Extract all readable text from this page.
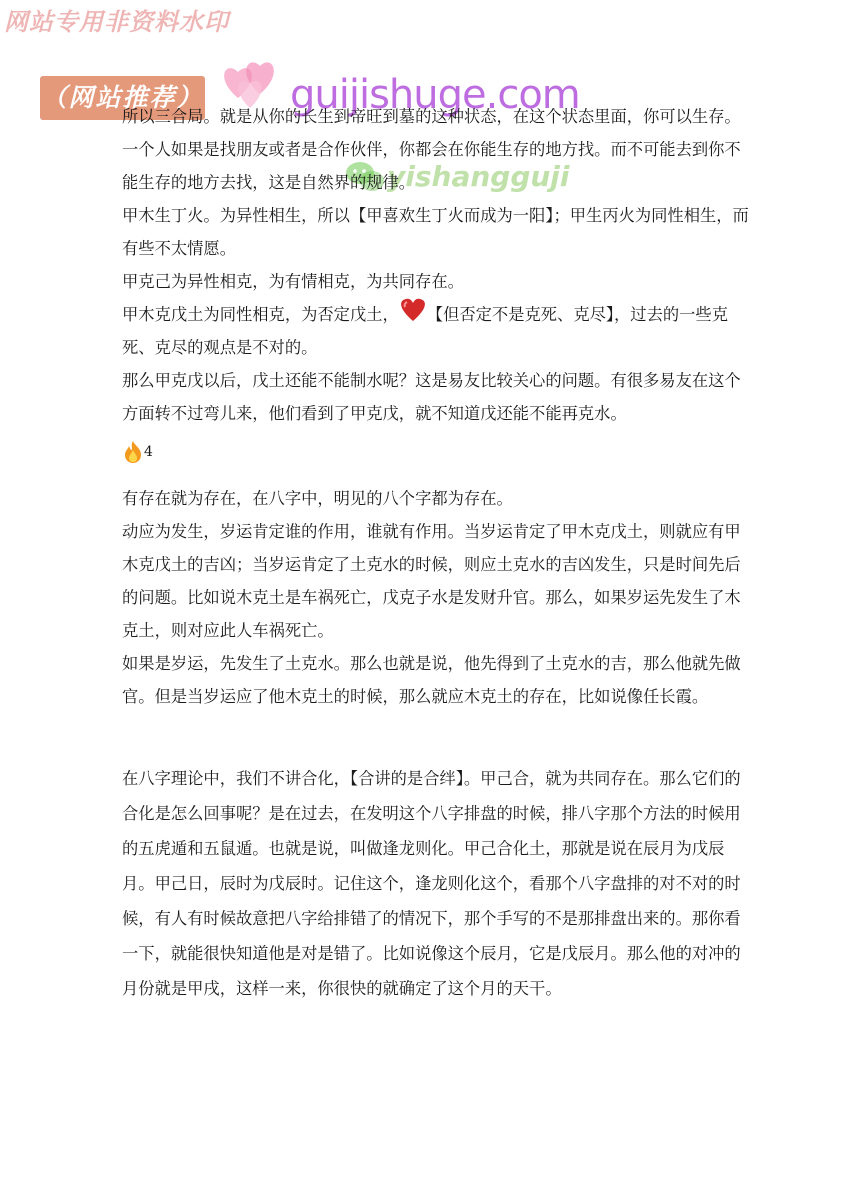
网站专用非资料水印
（网站推荐） guijishuge.com
yishangguji

所以三合局。就是从你的长生到帝旺到墓的这种状态，在这个状态里面，你可以生存。一个人如果是找朋友或者是合作伙伴，你都会在你能生存的地方找。而不可能去到你不能生存的地方去找，这是自然界的规律。

甲木生丁火。为异性相生，所以【甲喜欢生丁火而成为一阳】；甲生丙火为同性相生，而有些不太情愿。

甲克己为异性相克，为有情相克，为共同存在。

甲木克戊土为同性相克，为否定戊土， 【但否定不是克死、克尽】，过去的一些克死、克尽的观点是不对的。

那么甲克戊以后，戊土还能不能制水呢？这是易友比较关心的问题。有很多易友在这个方面转不过弯儿来，他们看到了甲克戊，就不知道戊还能不能再克水。

4

有存在就为存在，在八字中，明见的八个字都为存在。

动应为发生，岁运肯定谁的作用，谁就有作用。当岁运肯定了甲木克戊土，则就应有甲木克戊土的吉凶；当岁运肯定了土克水的时候，则应土克水的吉凶发生，只是时间先后的问题。比如说木克土是车祸死亡，戊克子水是发财升官。那么，如果岁运先发生了木克土，则对应此人车祸死亡。

如果是岁运，先发生了土克水。那么也就是说，他先得到了土克水的吉，那么他就先做官。但是当岁运应了他木克土的时候，那么就应木克土的存在，比如说像任长霞。

在八字理论中，我们不讲合化，【合讲的是合绊】。甲己合，就为共同存在。那么它们的合化是怎么回事呢？是在过去，在发明这个八字排盘的时候，排八字那个方法的时候用的五虎遁和五鼠遁。也就是说，叫做逢龙则化。甲己合化土，那就是说在辰月为戊辰月。甲己日，辰时为戊辰时。记住这个，逢龙则化这个，看那个八字盘排的对不对的时候，有人有时候故意把八字给排错了的情况下，那个手写的不是那排盘出来的。那你看一下，就能很快知道他是对是错了。比如说像这个辰月，它是戊辰月。那么他的对冲的月份就是甲戌，这样一来，你很快的就确定了这个月的天干。
